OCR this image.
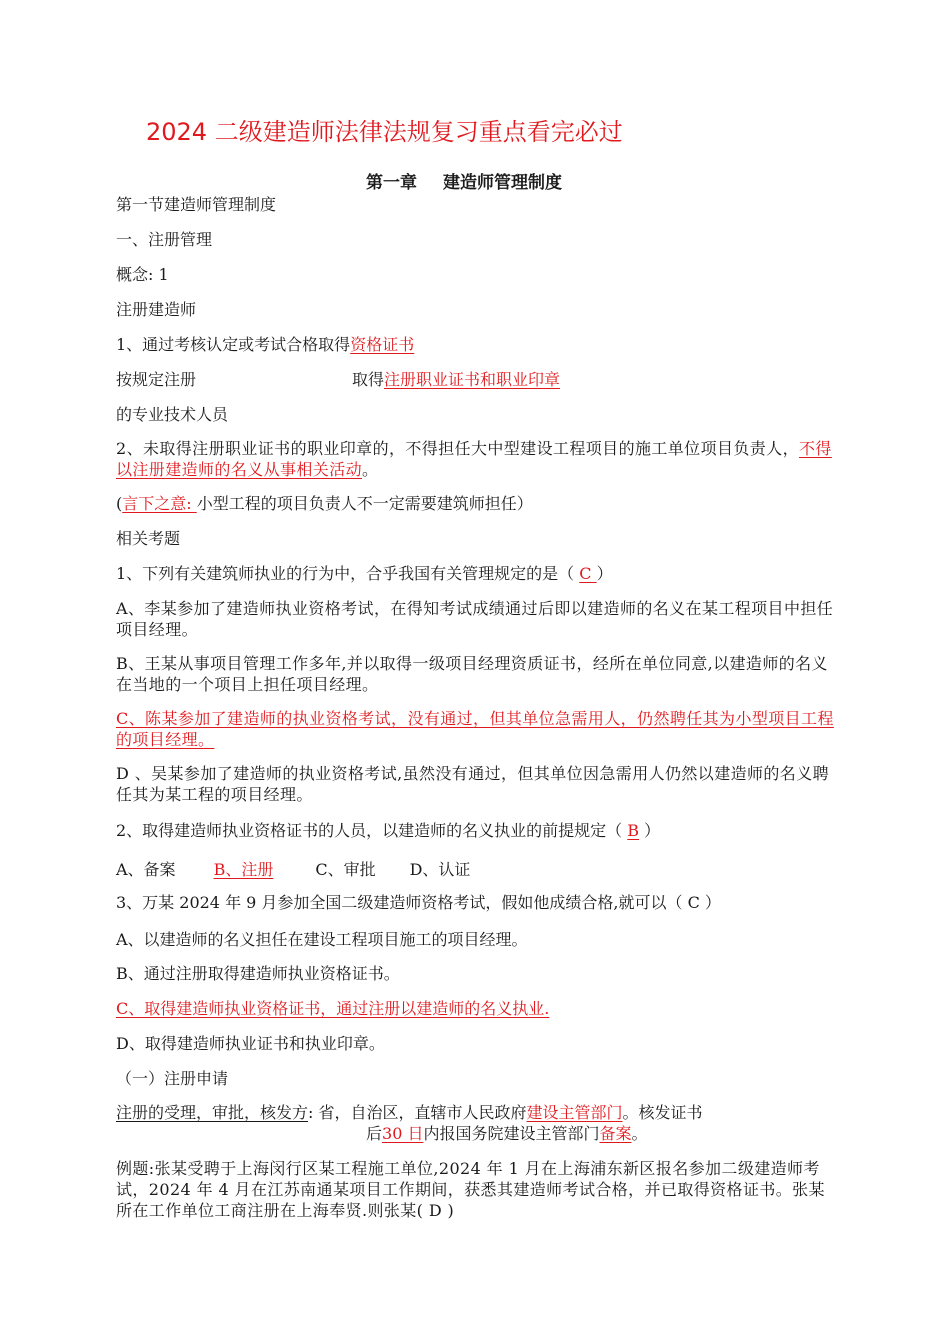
2024 二级建造师法律法规复习重点看完必过
第一章 建造师管理制度
第一节建造师管理制度
一、注册管理
概念: 1
注册建造师
1、通过考核认定或考试合格取得资格证书
按规定注册	取得注册职业证书和职业印章
的专业技术人员
2、未取得注册职业证书的职业印章的，不得担任大中型建设工程项目的施工单位项目负责人，不得以注册建造师的名义从事相关活动。
(言下之意: 小型工程的项目负责人不一定需要建筑师担任）
相关考题
1、下列有关建筑师执业的行为中，合乎我国有关管理规定的是（ C ）
A、李某参加了建造师执业资格考试，在得知考试成绩通过后即以建造师的名义在某工程项目中担任项目经理。
B、王某从事项目管理工作多年,并以取得一级项目经理资质证书，经所在单位同意,以建造师的名义在当地的一个项目上担任项目经理。
C、陈某参加了建造师的执业资格考试，没有通过，但其单位急需用人，仍然聘任其为小型项目工程的项目经理。
D 、吴某参加了建造师的执业资格考试,虽然没有通过，但其单位因急需用人仍然以建造师的名义聘任其为某工程的项目经理。
2、取得建造师执业资格证书的人员，以建造师的名义执业的前提规定（ B ）
A、备案 B、注册	C、审批 D、认证
3、万某 2024 年 9 月参加全国二级建造师资格考试，假如他成绩合格,就可以（ C ）
A、以建造师的名义担任在建设工程项目施工的项目经理。
B、通过注册取得建造师执业资格证书。
C、取得建造师执业资格证书，通过注册以建造师的名义执业.
D、取得建造师执业证书和执业印章。
（一）注册申请
注册的受理，审批，核发方: 省，自治区，直辖市人民政府建设主管部门。核发证书
后30 日内报国务院建设主管部门备案。
例题:张某受聘于上海闵行区某工程施工单位,2024 年 1 月在上海浦东新区报名参加二级建造师考试，2024 年 4 月在江苏南通某项目工作期间，获悉其建造师考试合格，并已取得资格证书。张某所在工作单位工商注册在上海奉贤.则张某( D )
